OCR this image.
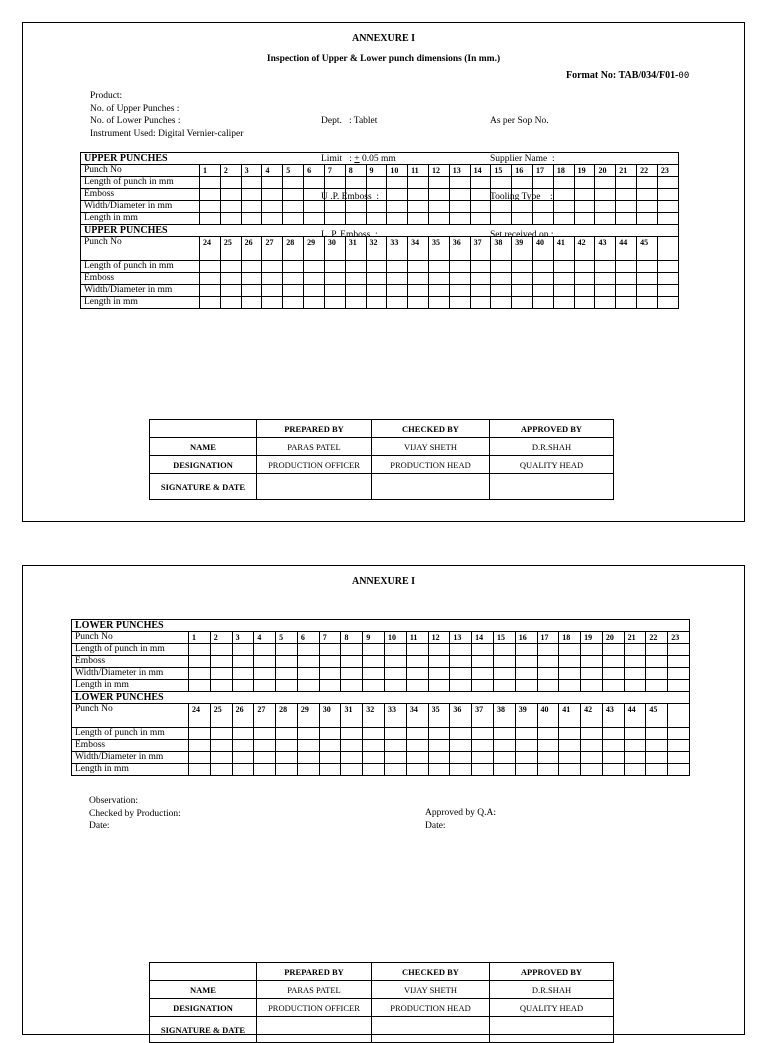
ANNEXURE I
Inspection of Upper & Lower punch dimensions (In mm.)
Format No: TAB/034/F01-00
Product:
No. of Upper Punches :
No. of Lower Punches :
Instrument Used: Digital Vernier-caliper

Dept.   : Tablet

Limit   : + 0.05 mm

U .P. Emboss  :

L .P. Emboss  :

As per Sop No.

Supplier Name  :

Tooling Type    :

Set received on :

UPPER PUNCHES																							
Punch No	1	2	3	4	5	6	7	8	9	10	11	12	13	14	15	16	17	18	19	20	21	22	23
Length of punch in mm																							
Emboss																							
Width/Diameter in mm																							
Length in mm																							
UPPER PUNCHES																							
Punch No	24	25	26	27	28	29	30	31	32	33	34	35	36	37	38	39	40	41	42	43	44	45	
Length of punch in mm																							
Emboss																							
Width/Diameter in mm																							
Length in mm																							
	PREPARED BY	CHECKED BY	APPROVED BY
NAME	PARAS PATEL	VIJAY SHETH	D.R.SHAH
DESIGNATION	PRODUCTION OFFICER	PRODUCTION HEAD	QUALITY HEAD
SIGNATURE & DATE			
ANNEXURE I
LOWER PUNCHES																							
Punch No	1	2	3	4	5	6	7	8	9	10	11	12	13	14	15	16	17	18	19	20	21	22	23
Length of punch in mm																							
Emboss																							
Width/Diameter in mm																							
Length in mm																							
LOWER PUNCHES																							
Punch No	24	25	26	27	28	29	30	31	32	33	34	35	36	37	38	39	40	41	42	43	44	45	
Length of punch in mm																							
Emboss																							
Width/Diameter in mm																							
Length in mm																							
Observation:
Checked by Production:
Date:
Approved by Q.A:
Date:
	PREPARED BY	CHECKED BY	APPROVED BY
NAME	PARAS PATEL	VIJAY SHETH	D.R.SHAH
DESIGNATION	PRODUCTION OFFICER	PRODUCTION HEAD	QUALITY HEAD
SIGNATURE & DATE			
